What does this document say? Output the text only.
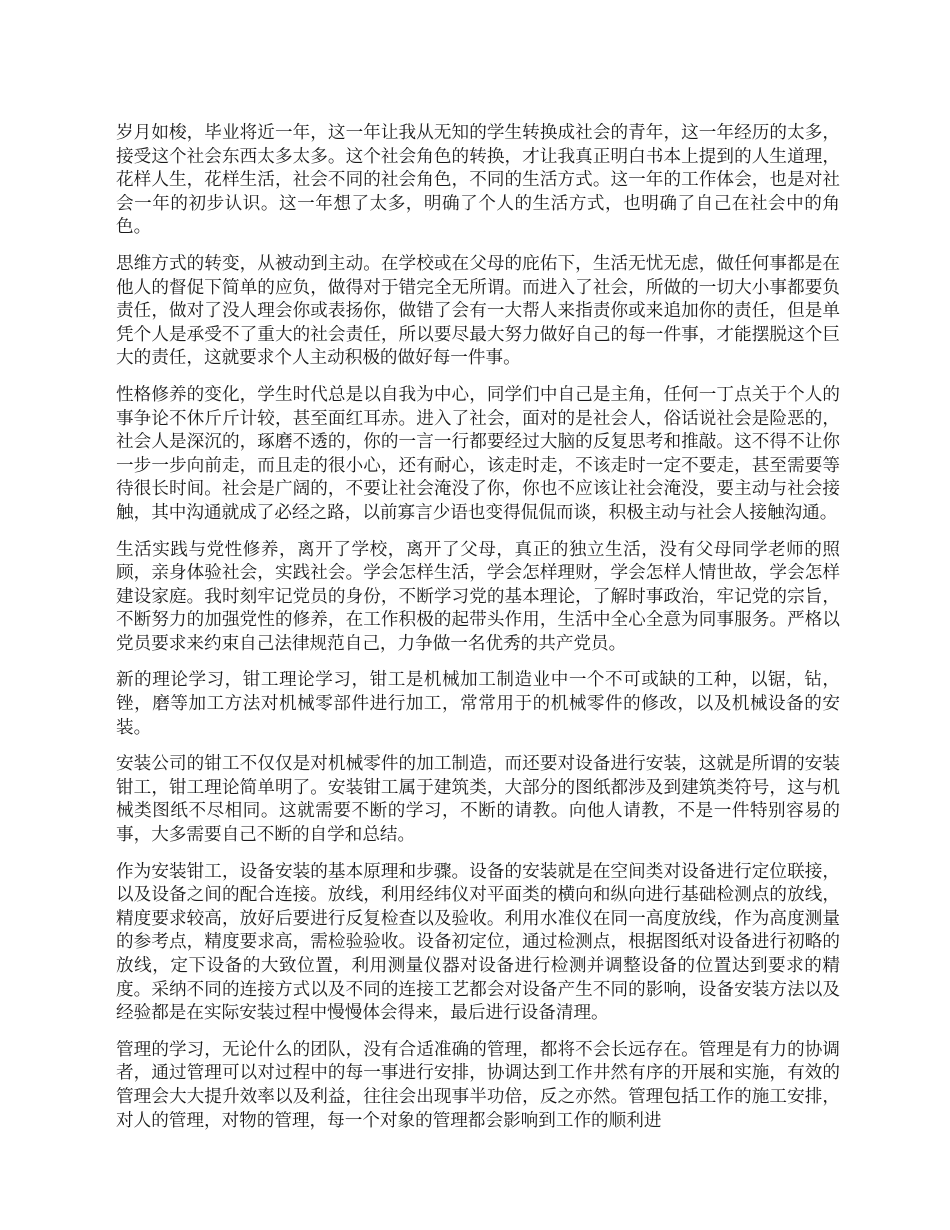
岁月如梭，毕业将近一年，这一年让我从无知的学生转换成社会的青年，这一年经历的太多，接受这个社会东西太多太多。这个社会角色的转换，才让我真正明白书本上提到的人生道理，花样人生，花样生活，社会不同的社会角色，不同的生活方式。这一年的工作体会，也是对社会一年的初步认识。这一年想了太多，明确了个人的生活方式，也明确了自己在社会中的角色。

思维方式的转变，从被动到主动。在学校或在父母的庇佑下，生活无忧无虑，做任何事都是在他人的督促下简单的应负，做得对于错完全无所谓。而进入了社会，所做的一切大小事都要负责任，做对了没人理会你或表扬你，做错了会有一大帮人来指责你或来追加你的责任，但是单凭个人是承受不了重大的社会责任，所以要尽最大努力做好自己的每一件事，才能摆脱这个巨大的责任，这就要求个人主动积极的做好每一件事。

性格修养的变化，学生时代总是以自我为中心，同学们中自己是主角，任何一丁点关于个人的事争论不休斤斤计较，甚至面红耳赤。进入了社会，面对的是社会人，俗话说社会是险恶的，社会人是深沉的，琢磨不透的，你的一言一行都要经过大脑的反复思考和推敲。这不得不让你一步一步向前走，而且走的很小心，还有耐心，该走时走，不该走时一定不要走，甚至需要等待很长时间。社会是广阔的，不要让社会淹没了你，你也不应该让社会淹没，要主动与社会接触，其中沟通就成了必经之路，以前寡言少语也变得侃侃而谈，积极主动与社会人接触沟通。

生活实践与党性修养，离开了学校，离开了父母，真正的独立生活，没有父母同学老师的照顾，亲身体验社会，实践社会。学会怎样生活，学会怎样理财，学会怎样人情世故，学会怎样建设家庭。我时刻牢记党员的身份，不断学习党的基本理论，了解时事政治，牢记党的宗旨，不断努力的加强党性的修养，在工作积极的起带头作用，生活中全心全意为同事服务。严格以党员要求来约束自己法律规范自己，力争做一名优秀的共产党员。

新的理论学习，钳工理论学习，钳工是机械加工制造业中一个不可或缺的工种，以锯，钻，锉，磨等加工方法对机械零部件进行加工，常常用于的机械零件的修改，以及机械设备的安装。

安装公司的钳工不仅仅是对机械零件的加工制造，而还要对设备进行安装，这就是所谓的安装钳工，钳工理论简单明了。安装钳工属于建筑类，大部分的图纸都涉及到建筑类符号，这与机械类图纸不尽相同。这就需要不断的学习，不断的请教。向他人请教，不是一件特别容易的事，大多需要自己不断的自学和总结。

作为安装钳工，设备安装的基本原理和步骤。设备的安装就是在空间类对设备进行定位联接，以及设备之间的配合连接。放线，利用经纬仪对平面类的横向和纵向进行基础检测点的放线，精度要求较高，放好后要进行反复检查以及验收。利用水准仪在同一高度放线，作为高度测量的参考点，精度要求高，需检验验收。设备初定位，通过检测点，根据图纸对设备进行初略的放线，定下设备的大致位置，利用测量仪器对设备进行检测并调整设备的位置达到要求的精度。采纳不同的连接方式以及不同的连接工艺都会对设备产生不同的影响，设备安装方法以及经验都是在实际安装过程中慢慢体会得来，最后进行设备清理。

管理的学习，无论什么的团队，没有合适准确的管理，都将不会长远存在。管理是有力的协调者，通过管理可以对过程中的每一事进行安排，协调达到工作井然有序的开展和实施，有效的管理会大大提升效率以及利益，往往会出现事半功倍，反之亦然。管理包括工作的施工安排，对人的管理，对物的管理，每一个对象的管理都会影响到工作的顺利进
